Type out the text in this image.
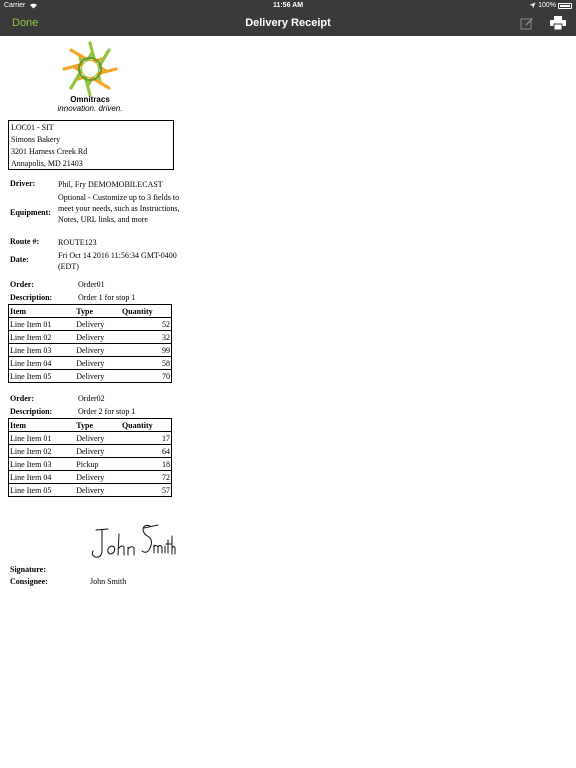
Carrier	11:56 AM	100%
Done	Delivery Receipt
Omnitracs
innovation. driven.
LOC01 - SIT
Simons Bakery
3201 Harness Creek Rd
Annapolis, MD 21403
Driver:	Phil, Fry DEMOMOBILECAST
Equipment:
Optional - Customize up to 3 fields to meet your needs, such as Instructions, Notes, URL links, and more
Route #: ROUTE123
Date:	Fri Oct 14 2016 11:56:34 GMT-0400 (EDT)
Order:	Order01
Description:	Order 1 for stop 1
Item	Type	Quantity
Line Item 01	Delivery	52
Line Item 02	Delivery	32
Line Item 03	Delivery	99
Line Item 04	Delivery	58
Line Item 05	Delivery	70
Order:	Order02
Description:	Order 2 for stop 1
Item	Type	Quantity
Line Item 01	Delivery	17
Line Item 02	Delivery	64
Line Item 03	Pickup	18
Line Item 04	Delivery	72
Line Item 05	Delivery	57
Signature:
Consignee:	John Smith
